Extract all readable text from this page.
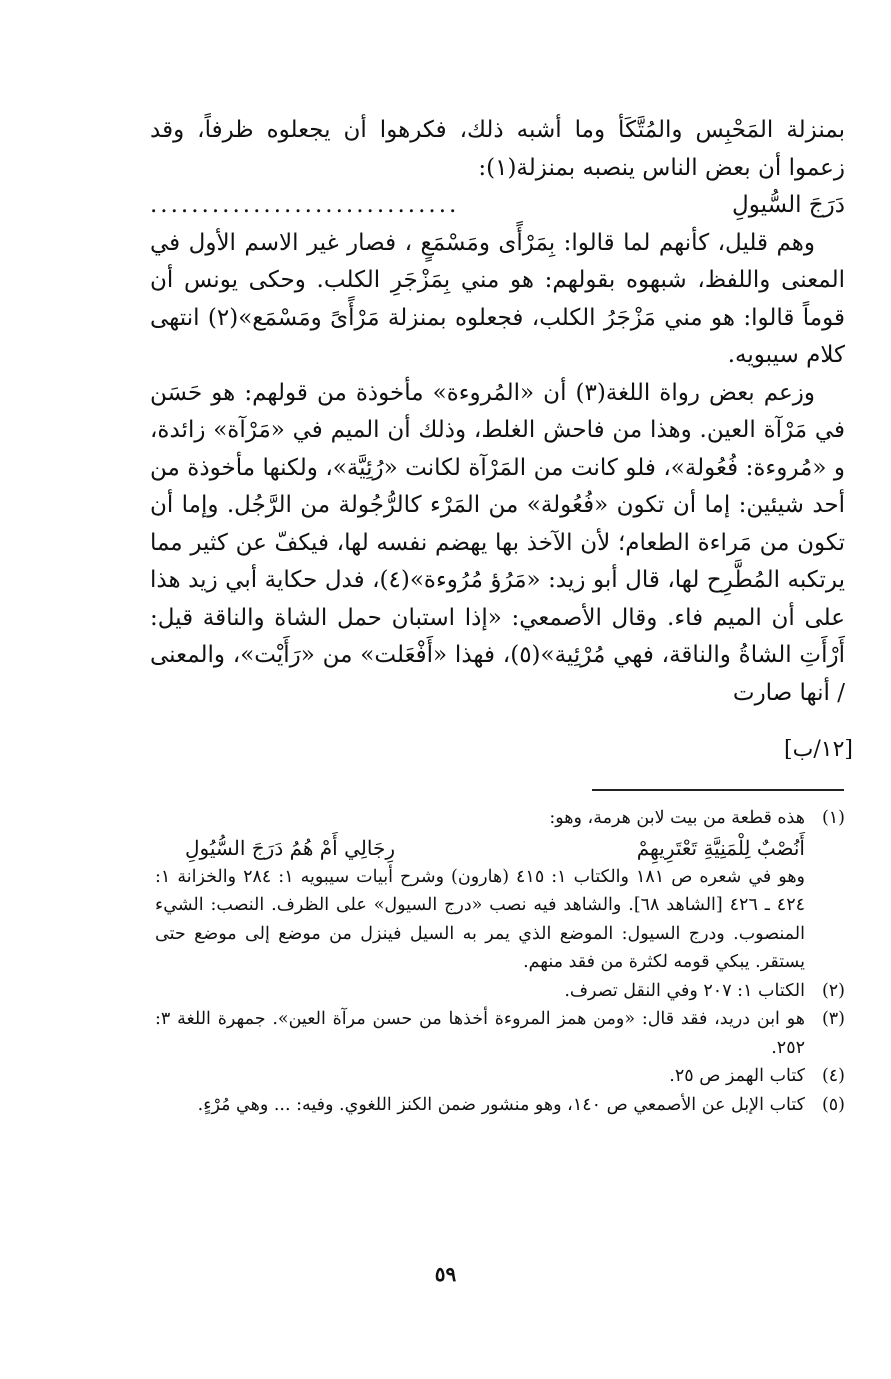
بمنزلة المَحْبِس والمُتَّكَأ وما أشبه ذلك، فكرهوا أن يجعلوه ظرفاً، وقد زعموا أن بعض الناس ينصبه بمنزلة(١):

دَرَجَ السُّيولِ
..............................

وهم قليل، كأنهم لما قالوا: بِمَرْأًى ومَسْمَعٍ ، فصار غير الاسم الأول في المعنى واللفظ، شبهوه بقولهم: هو مني بِمَزْجَرِ الكلب. وحكى يونس أن قوماً قالوا: هو مني مَزْجَرُ الكلب، فجعلوه بمنزلة مَرْأًىً ومَسْمَع»(٢) انتهى كلام سيبويه.

وزعم بعض رواة اللغة(٣) أن «المُروءة» مأخوذة من قولهم: هو حَسَن في مَرْآة العين. وهذا من فاحش الغلط، وذلك أن الميم في «مَرْآة» زائدة، و «مُروءة: فُعُولة»، فلو كانت من المَرْآة لكانت «رُئِيَّة»، ولكنها مأخوذة من أحد شيئين: إما أن تكون «فُعُولة» من المَرْء كالرُّجُولة من الرَّجُل. وإما أن تكون من مَراءة الطعام؛ لأن الآخذ بها يهضم نفسه لها، فيكفّ عن كثير مما يرتكبه المُطَّرِح لها، قال أبو زيد: «مَرُؤ مُرُوءة»(٤)، فدل حكاية أبي زيد هذا على أن الميم فاء. وقال الأصمعي: «إذا استبان حمل الشاة والناقة قيل: أَرْأَتِ الشاةُ والناقة، فهي مُرْئِية»(٥)، فهذا «أَفْعَلت» من «رَأَيْت»، والمعنى / أنها صارت

[١٢/ب]
(١)

هذه قطعة من بيت لابن هرمة، وهو:

أَنُصْبٌ لِلْمَنِيَّةِ تَعْتَرِيهِمْ
رِجَالِي أَمْ هُمُ دَرَجَ السُّيُولِ

وهو في شعره ص ١٨١ والكتاب ١: ٤١٥ (هارون) وشرح أبيات سيبويه ١: ٢٨٤ والخزانة ١: ٤٢٤ ـ ٤٢٦ [الشاهد ٦٨]. والشاهد فيه نصب «درج السيول» على الظرف. النصب: الشيء المنصوب. ودرج السيول: الموضع الذي يمر به السيل فينزل من موضع إلى موضع حتى يستقر. يبكي قومه لكثرة من فقد منهم.

(٢)

الكتاب ١: ٢٠٧ وفي النقل تصرف.

(٣)

هو ابن دريد، فقد قال: «ومن همز المروءة أخذها من حسن مرآة العين». جمهرة اللغة ٣: ٢٥٢.

(٤)

كتاب الهمز ص ٢٥.

(٥)

كتاب الإبل عن الأصمعي ص ١٤٠، وهو منشور ضمن الكنز اللغوي. وفيه: ... وهي مُرْءٍ.

٥٩
